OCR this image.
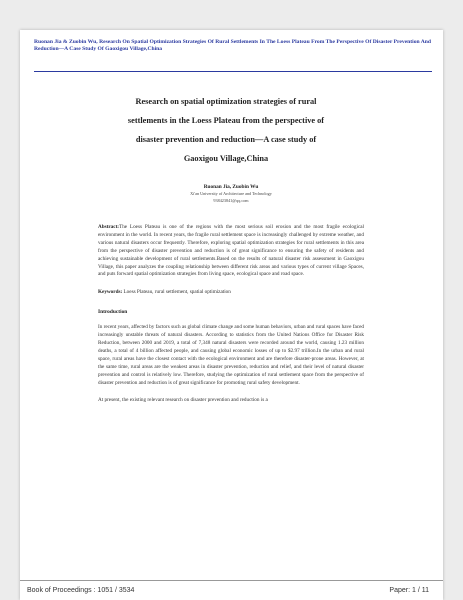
Ruonan Jia & Zuobin Wu, Research On Spatial Optimization Strategies Of Rural Settlements In The Loess Plateau From The Perspective Of Disaster Prevention And Reduction—A Case Study Of Gaoxigou Village,China
Research on spatial optimization strategies of rural settlements in the Loess Plateau from the perspective of disaster prevention and reduction—A case study of Gaoxigou Village,China
Ruonan Jia, Zuobin Wu
Xi'an University of Architecture and Technology
938423841@qq.com
Abstract:The Loess Plateau is one of the regions with the most serious soil erosion and the most fragile ecological environment in the world. In recent years, the fragile rural settlement space is increasingly challenged by extreme weather, and various natural disasters occur frequently. Therefore, exploring spatial optimization strategies for rural settlements in this area from the perspective of disaster prevention and reduction is of great significance to ensuring the safety of residents and achieving sustainable development of rural settlements.Based on the results of natural disaster risk assessment in Gaoxigou Village, this paper analyzes the coupling relationship between different risk areas and various types of current village Spaces, and puts forward spatial optimization strategies from living space, ecological space and road space.
Keywords: Loess Plateau, rural settlement, spatial optimization
Introduction
In recent years, affected by factors such as global climate change and some human behaviors, urban and rural spaces have faced increasingly unstable threats of natural disasters. According to statistics from the United Nations Office for Disaster Risk Reduction, between 2000 and 2019, a total of 7,348 natural disasters were recorded around the world, causing 1.23 million deaths, a total of 4 billion affected people, and causing global economic losses of up to $2.97 trillion.In the urban and rural space, rural areas have the closest contact with the ecological environment and are therefore disaster-prone areas. However, at the same time, rural areas are the weakest areas in disaster prevention, reduction and relief, and their level of natural disaster prevention and control is relatively low. Therefore, studying the optimization of rural settlement space from the perspective of disaster prevention and reduction is of great significance for promoting rural safety development.
At present, the existing relevant research on disaster prevention and reduction is a
Book of Proceedings : 1051 / 3534	Paper: 1 / 11
